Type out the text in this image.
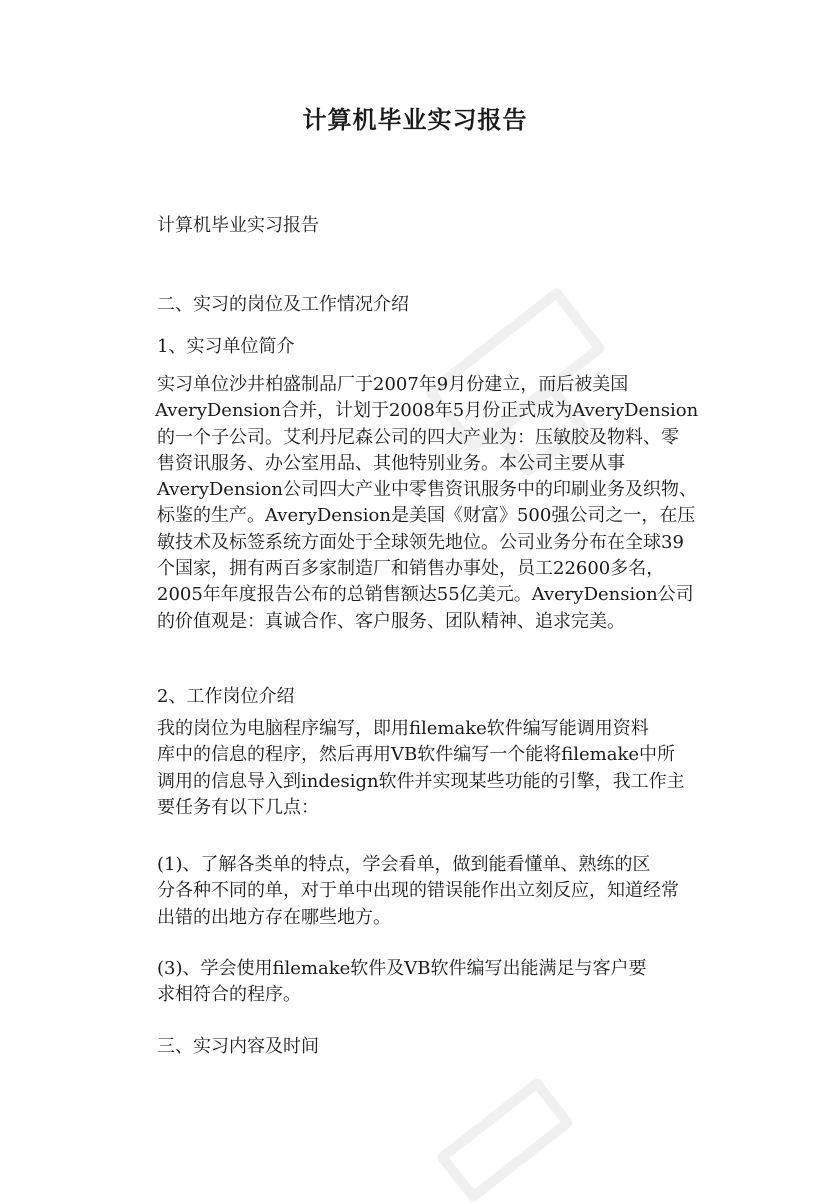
计算机毕业实习报告
计算机毕业实习报告
二、实习的岗位及工作情况介绍
1、实习单位简介

实习单位沙井柏盛制品厂于2007年9月份建立，而后被美国
AveryDension合并，计划于2008年5月份正式成为AveryDension
的一个子公司。艾利丹尼森公司的四大产业为：压敏胶及物料、零
售资讯服务、办公室用品、其他特别业务。本公司主要从事
AveryDension公司四大产业中零售资讯服务中的印刷业务及织物、
标鉴的生产。AveryDension是美国《财富》500强公司之一，在压
敏技术及标签系统方面处于全球领先地位。公司业务分布在全球39
个国家，拥有两百多家制造厂和销售办事处，员工22600多名，
2005年年度报告公布的总销售额达55亿美元。AveryDension公司
的价值观是：真诚合作、客户服务、团队精神、追求完美。

2、工作岗位介绍

我的岗位为电脑程序编写，即用filemake软件编写能调用资料
库中的信息的程序，然后再用VB软件编写一个能将filemake中所
调用的信息导入到indesign软件并实现某些功能的引擎，我工作主
要任务有以下几点：

(1)、了解各类单的特点，学会看单，做到能看懂单、熟练的区
分各种不同的单，对于单中出现的错误能作出立刻反应，知道经常
出错的出地方存在哪些地方。

(3)、学会使用filemake软件及VB软件编写出能满足与客户要
求相符合的程序。

三、实习内容及时间
